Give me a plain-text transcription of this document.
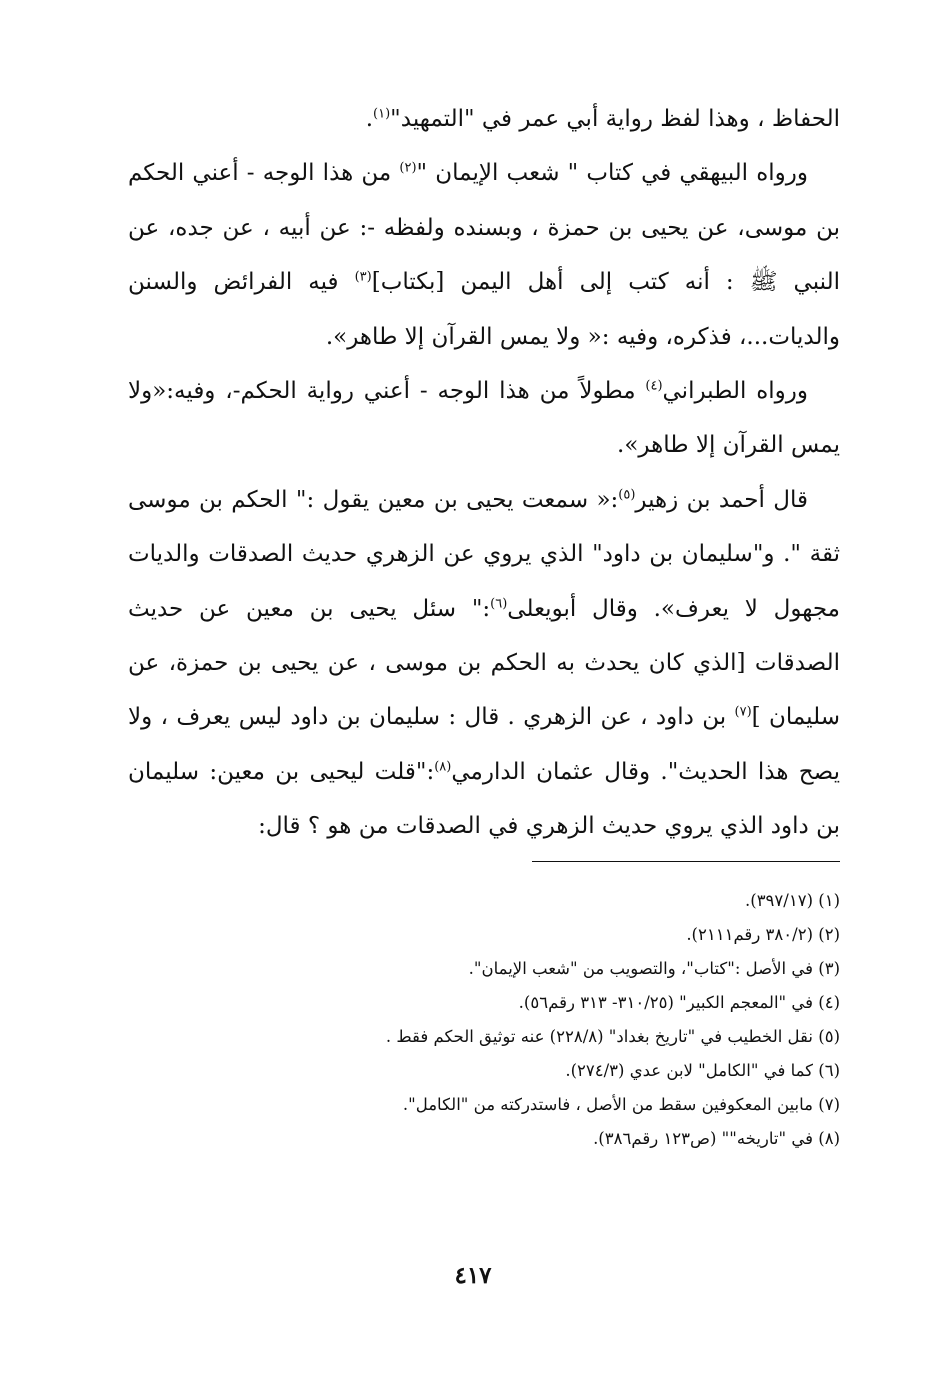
الحفاظ ، وهذا لفظ رواية أبي عمر في "التمهيد"$^{(١)}$.

ورواه البيهقي في كتاب " شعب الإيمان "$^{(٢)}$ من هذا الوجه - أعني الحكم بن موسى، عن يحيى بن حمزة ، وبسنده ولفظه -: عن أبيه ، عن جده، عن النبي ﷺ : أنه كتب إلى أهل اليمن [بكتاب]$^{(٣)}$ فيه الفرائض والسنن والديات...، فذكره، وفيه :« ولا يمس القرآن إلا طاهر».

ورواه الطبراني$^{(٤)}$ مطولاً من هذا الوجه - أعني رواية الحكم-، وفيه:«ولا يمس القرآن إلا طاهر».

قال أحمد بن زهير$^{(٥)}$:« سمعت يحيى بن معين يقول :" الحكم بن موسى ثقة ". و"سليمان بن داود" الذي يروي عن الزهري حديث الصدقات والديات مجهول لا يعرف». وقال أبويعلى$^{(٦)}$:" سئل يحيى بن معين عن حديث الصدقات [الذي كان يحدث به الحكم بن موسى ، عن يحيى بن حمزة، عن سليمان ]$^{(٧)}$ بن داود ، عن الزهري . قال : سليمان بن داود ليس يعرف ، ولا يصح هذا الحديث". وقال عثمان الدارمي$^{(٨)}$:"قلت ليحيى بن معين: سليمان بن داود الذي يروي حديث الزهري في الصدقات من هو ؟ قال:

(١) (٣٩٧/١٧).

(٢) (٣٨٠/٢ رقم٢١١١).

(٣) في الأصل :"كتاب"، والتصويب من "شعب الإيمان".

(٤) في "المعجم الكبير" (٣١٠/٢٥- ٣١٣ رقم٥٦).

(٥) نقل الخطيب في "تاريخ بغداد" (٢٢٨/٨) عنه توثيق الحكم فقط .

(٦) كما في "الكامل" لابن عدي (٢٧٤/٣).

(٧) مابين المعكوفين سقط من الأصل ، فاستدركته من "الكامل".

(٨) في "تاريخه"" (ص١٢٣ رقم٣٨٦).

٤١٧
